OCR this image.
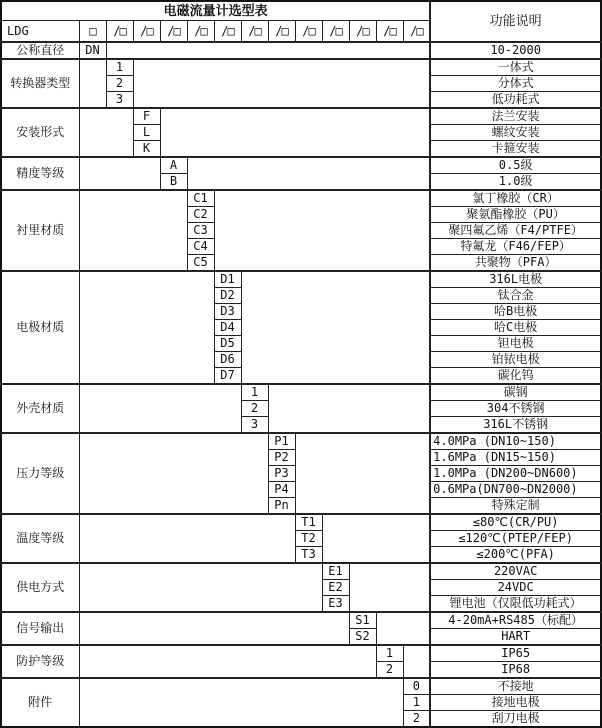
电磁流量计选型表														功能说明
LDG	□	/□	/□	/□	/□	/□	/□	/□	/□	/□	/□	/□	/□	
公称直径	DN													10-2000
转换器类型		1												一体式
		2												分体式
		3												低功耗式
安装形式			F											法兰安装
			L											螺纹安装
			K											卡箍安装
精度等级				A										0.5级
				B										1.0级
衬里材质					C1									氯丁橡胶（CR）
					C2									聚氨酯橡胶（PU）
					C3									聚四氟乙烯（F4/PTFE）
					C4									特氟龙（F46/FEP）
					C5									共聚物（PFA）
电极材质						D1								316L电极
						D2								钛合金
						D3								哈B电极
						D4								哈C电极
						D5								钽电极
						D6								铂铱电极
						D7								碳化钨
外壳材质							1							碳钢
							2							304不锈钢
							3							316L不锈钢
压力等级								P1						4.0MPa (DN10~150)
								P2						1.6MPa (DN15~150)
								P3						1.0MPa (DN200~DN600)
								P4						0.6MPa(DN700~DN2000)
								Pn						特殊定制
温度等级									T1					≤80℃(CR/PU)
									T2					≤120℃(PTEP/FEP)
									T3					≤200℃(PFA)
供电方式										E1				220VAC
										E2				24VDC
										E3				锂电池（仅限低功耗式）
信号输出											S1			4-20mA+RS485（标配）
											S2			HART
防护等级												1		IP65
												2		IP68
附件													0	不接地
													1	接地电极
													2	刮刀电极
